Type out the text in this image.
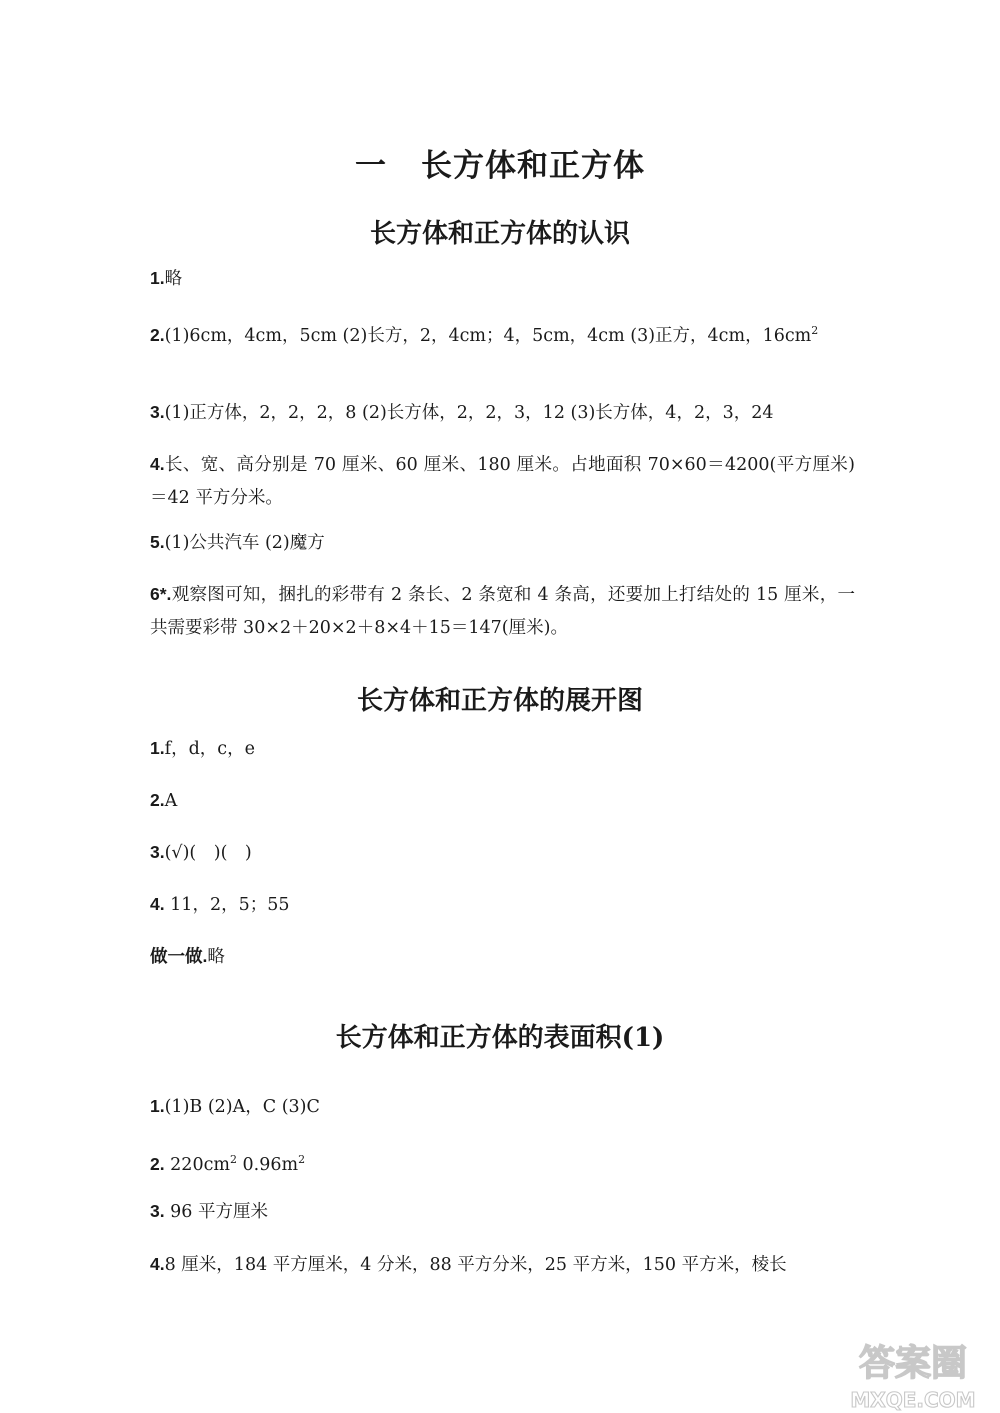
一 长方体和正方体
长方体和正方体的认识
1.略
2.(1)6cm，4cm，5cm (2)长方，2，4cm；4，5cm，4cm (3)正方，4cm，$16cm^2$
3.(1)正方体，2，2，2，8 (2)长方体，2，2，3，12 (3)长方体，4，2，3，24
4.长、宽、高分别是 70 厘米、60 厘米、180 厘米。占地面积 70×60＝4200(平方厘米)＝42 平方分米。
5.(1)公共汽车 (2)魔方
6*.观察图可知，捆扎的彩带有 2 条长、2 条宽和 4 条高，还要加上打结处的 15 厘米，一共需要彩带 30×2＋20×2＋8×4＋15＝147(厘米)。
长方体和正方体的展开图
1.f，d，c，e
2.A
3.(√)(　)(　)
4. 11，2，5；55
做一做.略
长方体和正方体的表面积(1)
1.(1)B (2)A，C (3)C
2. $220cm^2$ $0.96m^2$
3. 96 平方厘米
4.8 厘米，184 平方厘米，4 分米，88 平方分米，25 平方米，150 平方米，棱长
答案圈
MXQE.COM
